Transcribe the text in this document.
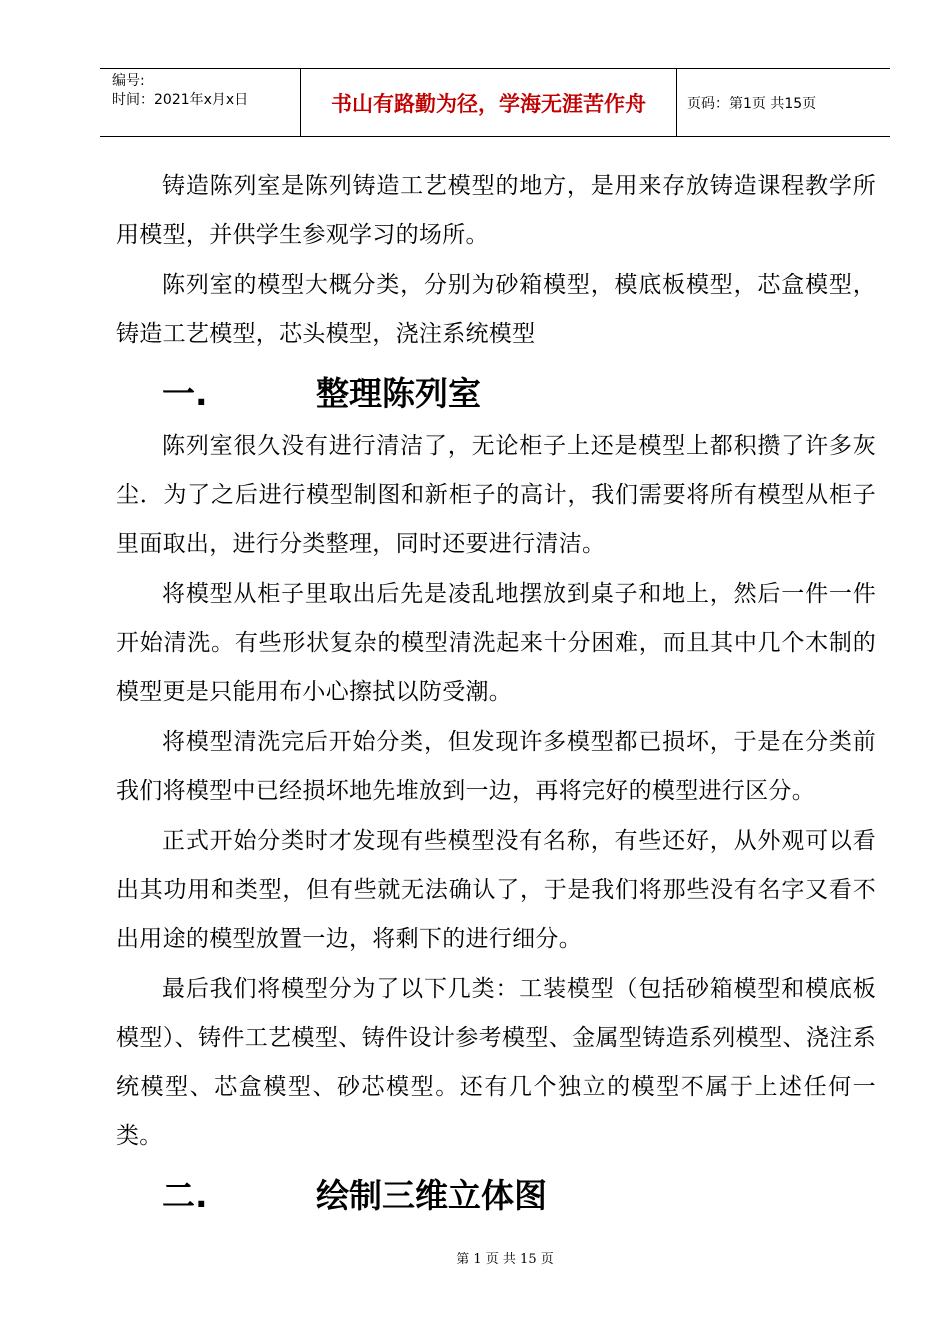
编号:
时间：2021年x月x日	书山有路勤为径，学海无涯苦作舟	页码：第1页 共15页

铸造陈列室是陈列铸造工艺模型的地方，是用来存放铸造课程教学所用模型，并供学生参观学习的场所。

陈列室的模型大概分类，分别为砂箱模型，模底板模型，芯盒模型，铸造工艺模型，芯头模型，浇注系统模型

一.	整理陈列室

陈列室很久没有进行清洁了，无论柜子上还是模型上都积攒了许多灰尘．为了之后进行模型制图和新柜子的高计，我们需要将所有模型从柜子里面取出，进行分类整理，同时还要进行清洁。

将模型从柜子里取出后先是凌乱地摆放到桌子和地上，然后一件一件开始清洗。有些形状复杂的模型清洗起来十分困难，而且其中几个木制的模型更是只能用布小心擦拭以防受潮。

将模型清洗完后开始分类，但发现许多模型都已损坏，于是在分类前我们将模型中已经损坏地先堆放到一边，再将完好的模型进行区分。

正式开始分类时才发现有些模型没有名称，有些还好，从外观可以看出其功用和类型，但有些就无法确认了，于是我们将那些没有名字又看不出用途的模型放置一边，将剩下的进行细分。

最后我们将模型分为了以下几类：工装模型（包括砂箱模型和模底板模型）、铸件工艺模型、铸件设计参考模型、金属型铸造系列模型、浇注系统模型、芯盒模型、砂芯模型。还有几个独立的模型不属于上述任何一类。

二.	绘制三维立体图
第 1 页 共 15 页
